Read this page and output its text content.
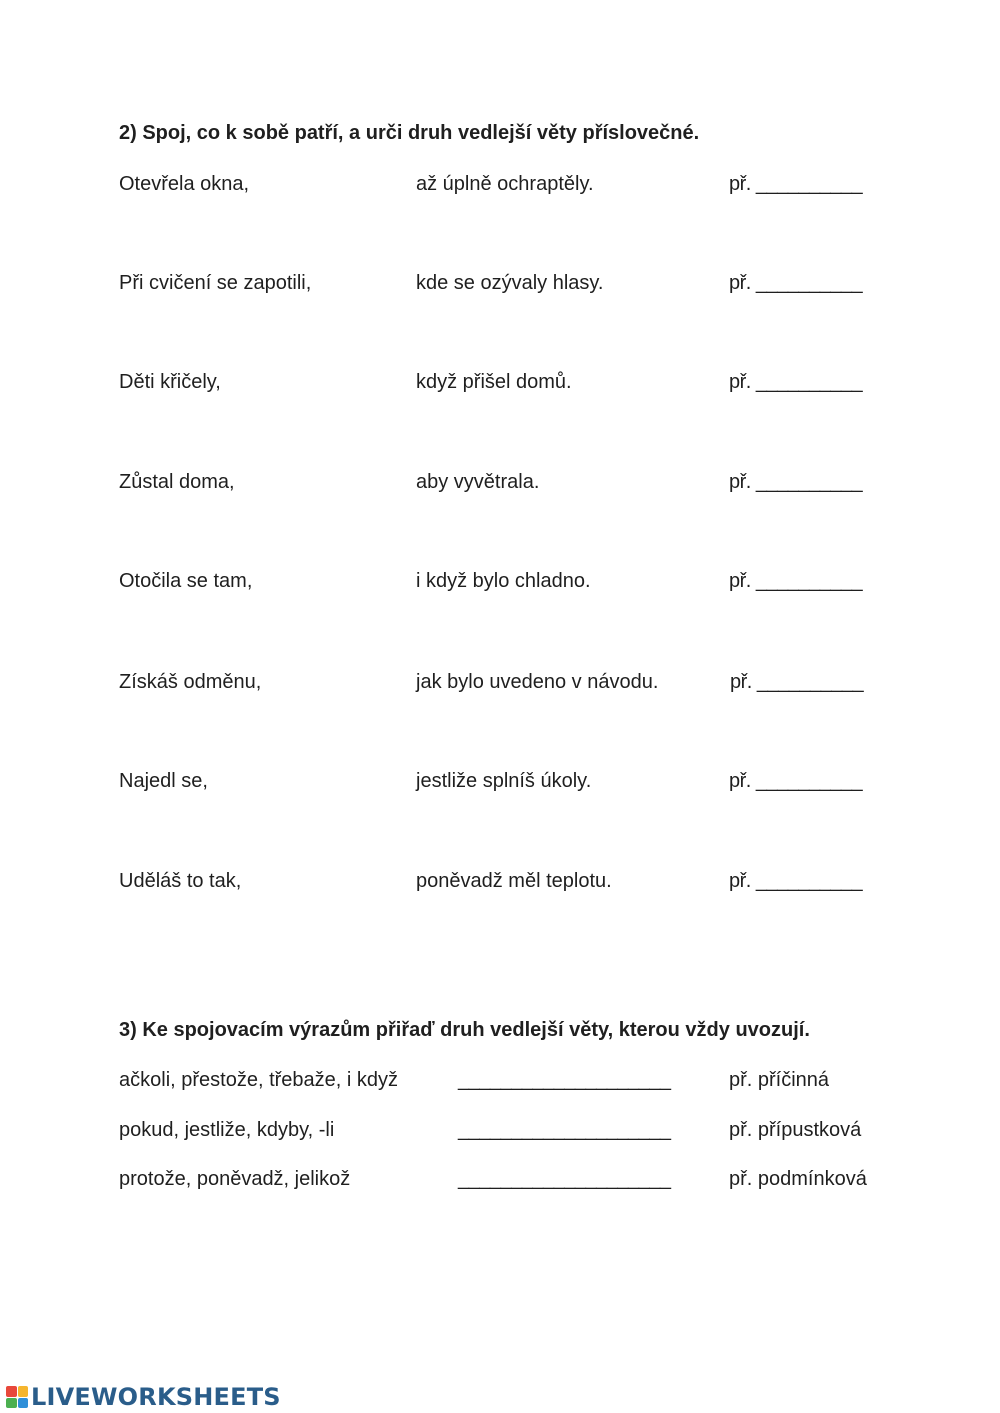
2) Spoj, co k sobě patří, a urči druh vedlejší věty příslovečné.
Otevřela okna,	až úplně ochraptěly.	př. __________
Při cvičení se zapotili,	kde se ozývaly hlasy.	př. __________
Děti křičely,	když přišel domů.	př. __________
Zůstal doma,	aby vyvětrala.	př. __________
Otočila se tam,	i když bylo chladno.	př. __________
Získáš odměnu,	jak bylo uvedeno v návodu.	př. __________
Najedl se,	jestliže splníš úkoly.	př. __________
Uděláš to tak,	poněvadž měl teplotu.	př. __________
3) Ke spojovacím výrazům přiřaď druh vedlejší věty, kterou vždy uvozují.
ačkoli, přestože, třebaže, i když	____________________	př. příčinná
pokud, jestliže, kdyby, -li	____________________	př. přípustková
protože, poněvadž, jelikož	____________________	př. podmínková
LIVEWORKSHEETS
